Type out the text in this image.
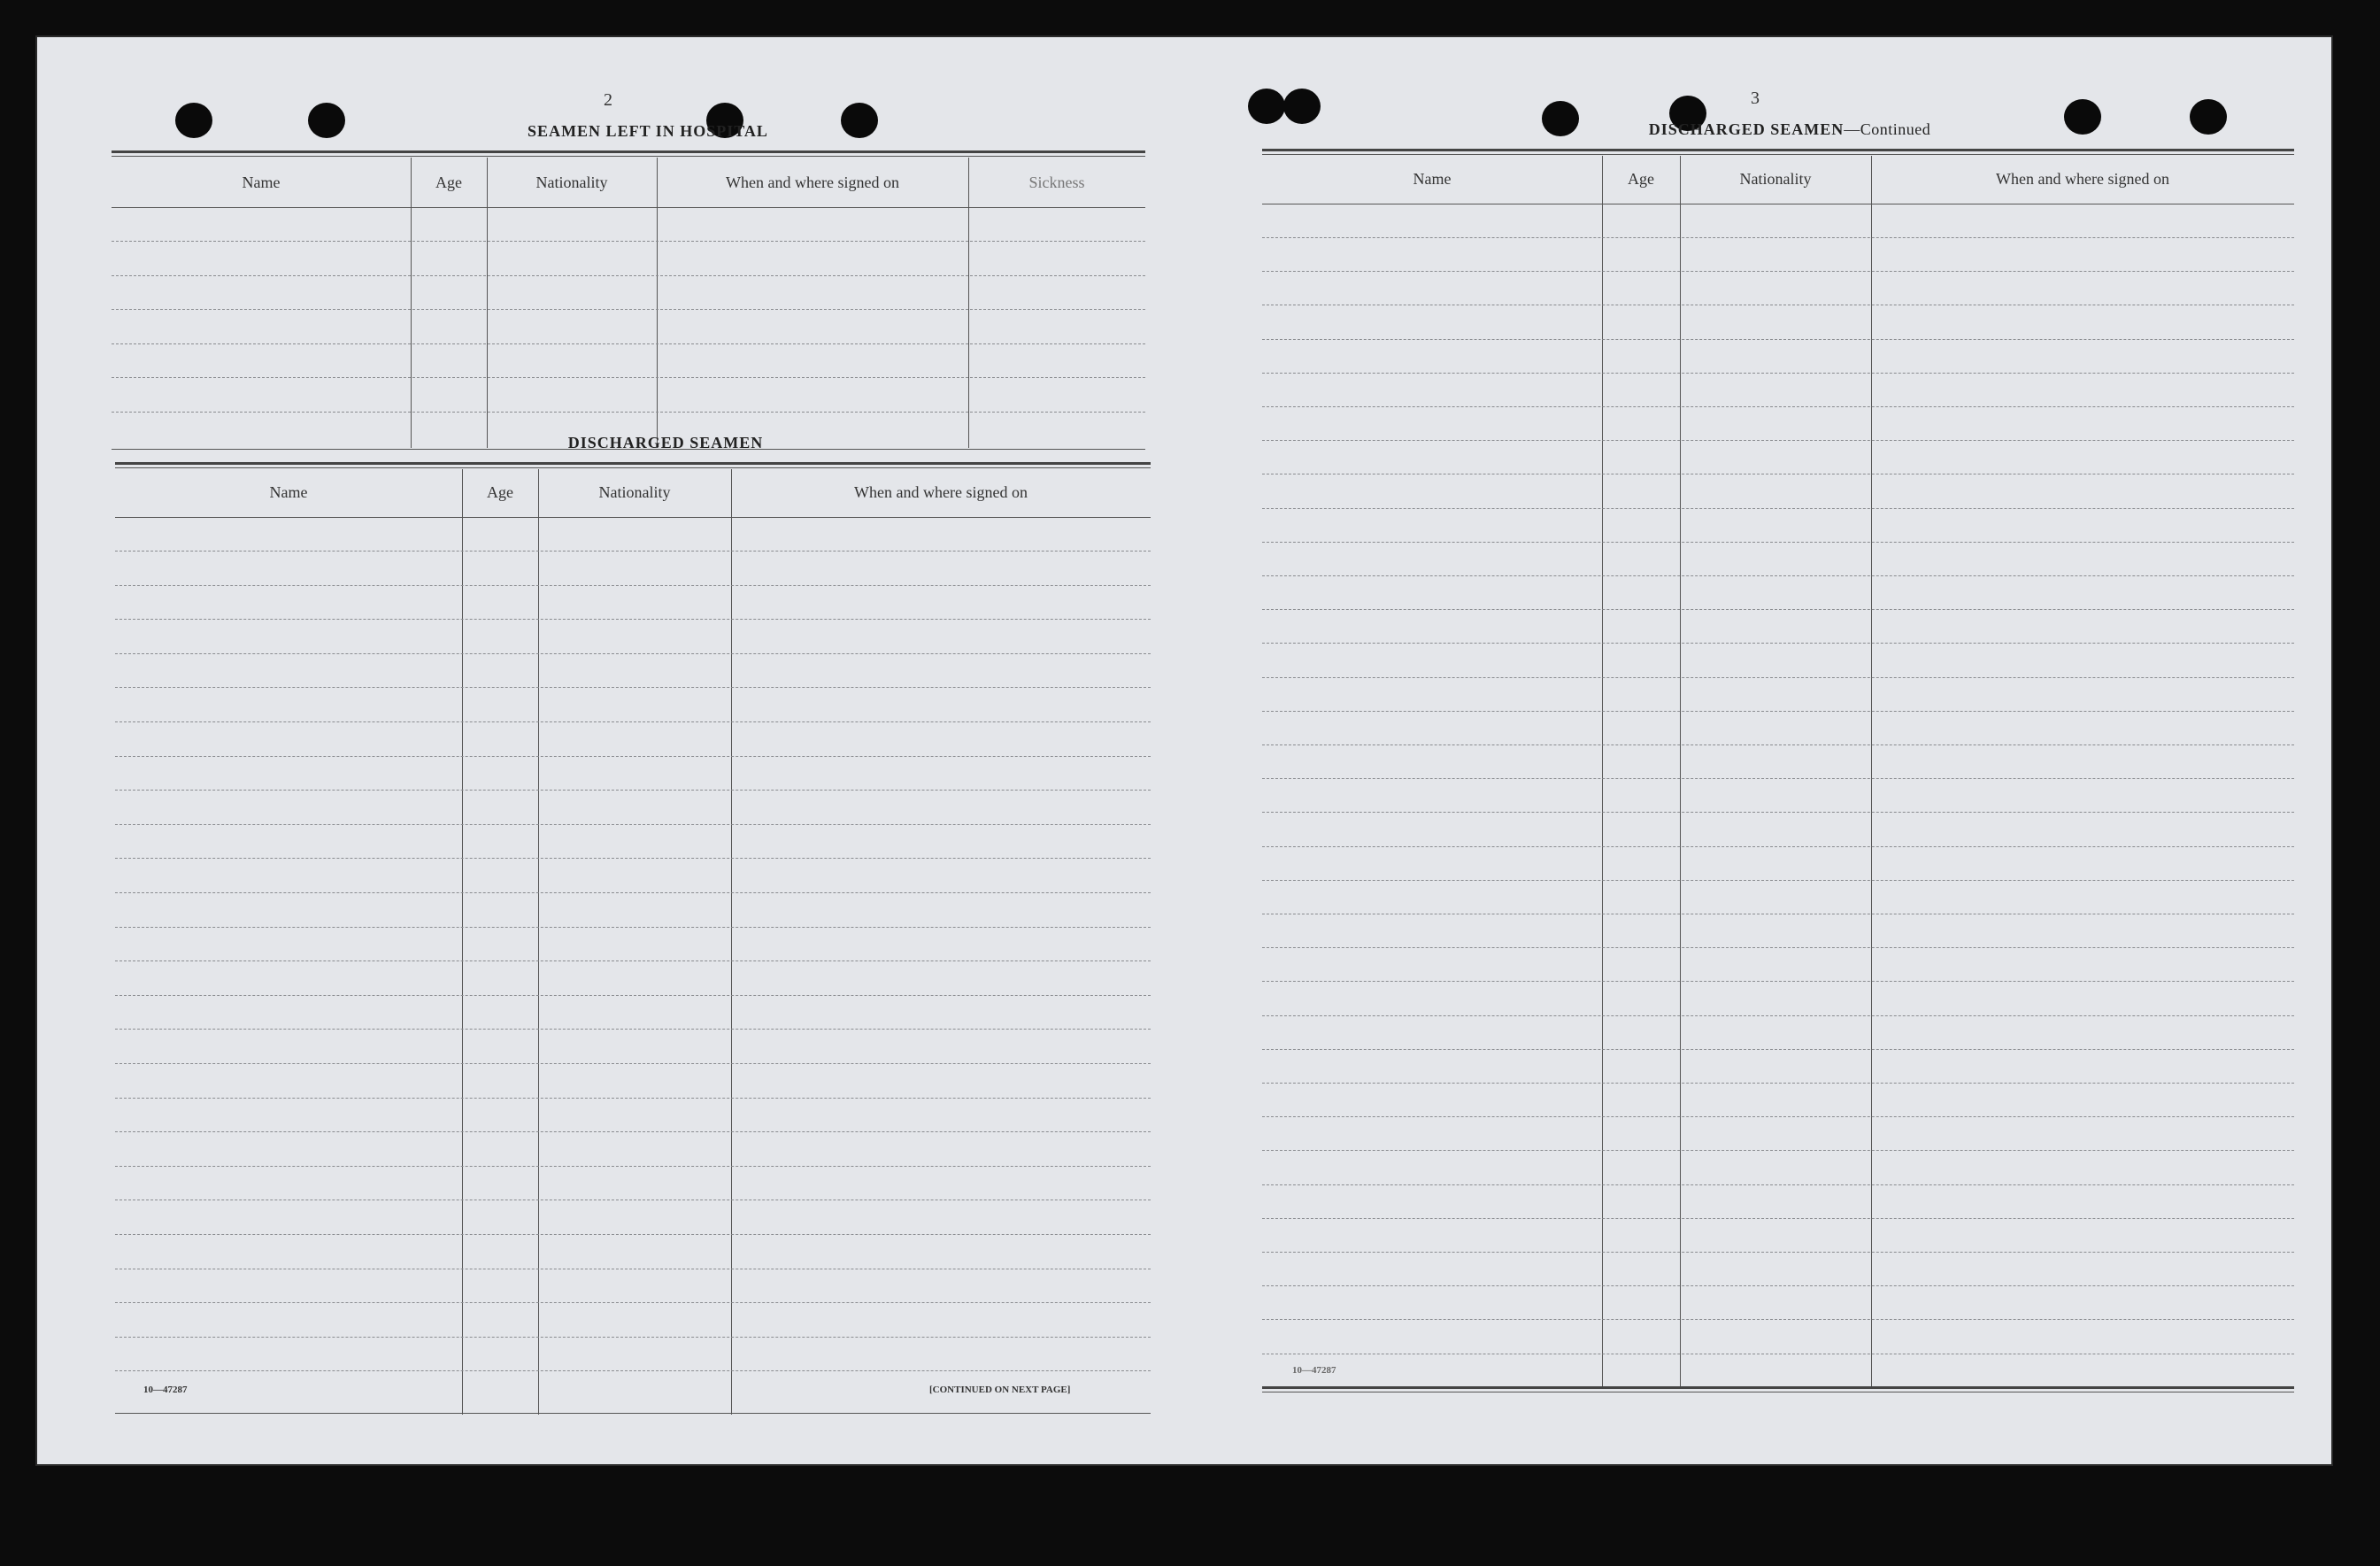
2
SEAMEN LEFT IN HOSPITAL
Name	Age	Nationality	When and where signed on	Sickness
DISCHARGED SEAMEN
Name	Age	Nationality	When and where signed on
10—47287	[CONTINUED ON NEXT PAGE]
3
DISCHARGED SEAMEN—Continued
Name	Age	Nationality	When and where signed on
10—47287
